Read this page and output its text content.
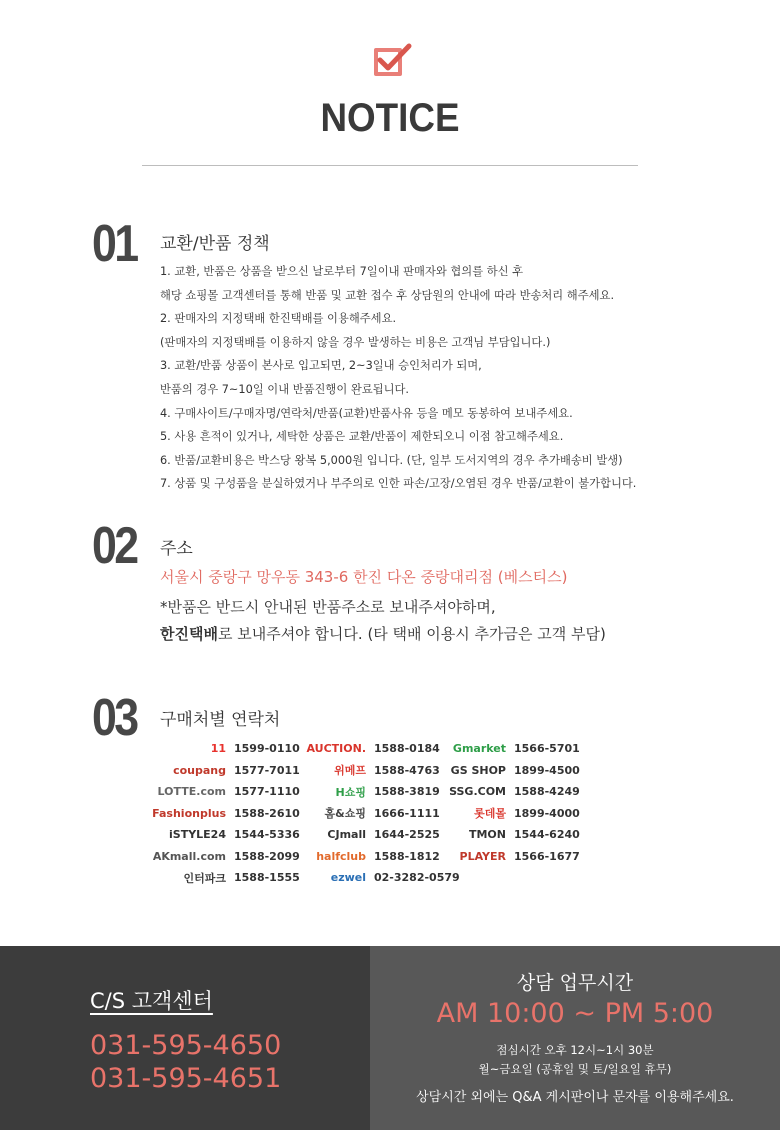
NOTICE
01 교환/반품 정책
1. 교환, 반품은 상품을 받으신 날로부터 7일이내 판매자와 협의를 하신 후
해당 쇼핑몰 고객센터를 통해 반품 및 교환 접수 후 상담원의 안내에 따라 반송처리 해주세요.
2. 판매자의 지정택배 한진택배를 이용해주세요.
(판매자의 지정택배를 이용하지 않을 경우 발생하는 비용은 고객님 부담입니다.)
3. 교환/반품 상품이 본사로 입고되면, 2~3일내 승인처리가 되며,
반품의 경우 7~10일 이내 반품진행이 완료됩니다.
4. 구매사이트/구매자명/연락처/반품(교환)반품사유 등을 메모 동봉하여 보내주세요.
5. 사용 흔적이 있거나, 세탁한 상품은 교환/반품이 제한되오니 이점 참고해주세요.
6. 반품/교환비용은 박스당 왕복 5,000원 입니다. (단, 일부 도서지역의 경우 추가배송비 발생)
7. 상품 및 구성품을 분실하였거나 부주의로 인한 파손/고장/오염된 경우 반품/교환이 불가합니다.
02 주소
서울시 중랑구 망우동 343-6 한진 다온 중랑대리점 (베스티스)
*반품은 반드시 안내된 반품주소로 보내주셔야하며,
한진택배로 보내주셔야 합니다. (타 택배 이용시 추가금은 고객 부담)
03 구매처별 연락처
11 1599-0110
coupang 1577-7011
LOTTE.com 1577-1110
Fashionplus 1588-2610
iSTYLE24 1544-5336
AKmall.com 1588-2099
인터파크 1588-1555
AUCTION. 1588-0184
위메프 1588-4763
H쇼핑 1588-3819
홈&쇼핑 1666-1111
CJmall 1644-2525
halfclub 1588-1812
ezwel 02-3282-0579
Gmarket 1566-5701
GS SHOP 1899-4500
SSG.COM 1588-4249
롯데몰 1899-4000
TMON 1544-6240
PLAYER 1566-1677
C/S 고객센터
031-595-4650
031-595-4651
상담 업무시간
AM 10:00 ~ PM 5:00
점심시간 오후 12시~1시 30분
월~금요일 (공휴일 및 토/일요일 휴무)
상담시간 외에는 Q&A 게시판이나 문자를 이용해주세요.
